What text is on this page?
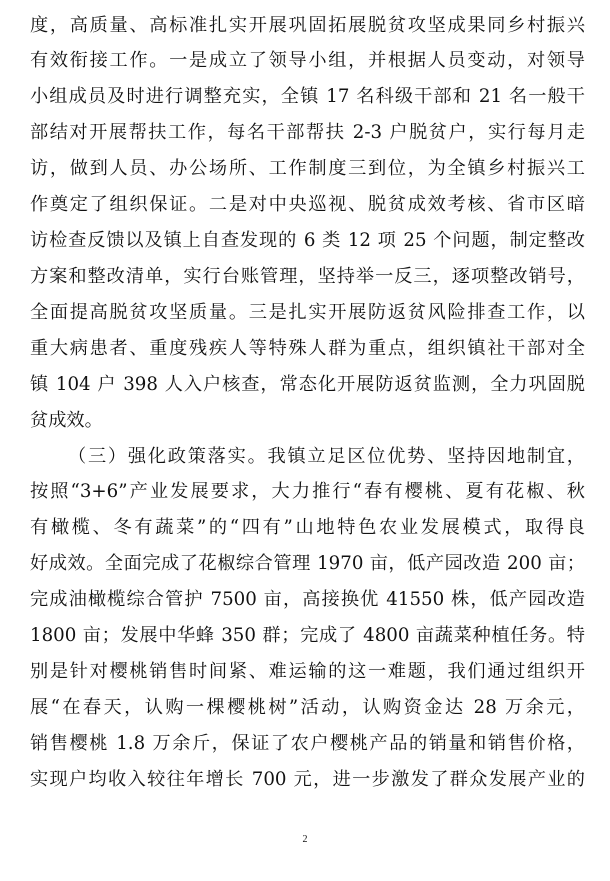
度，高质量、高标准扎实开展巩固拓展脱贫攻坚成果同乡村振兴
有效衔接工作。一是成立了领导小组，并根据人员变动，对领导
小组成员及时进行调整充实，全镇 17 名科级干部和 21 名一般干
部结对开展帮扶工作，每名干部帮扶 2-3 户脱贫户，实行每月走
访，做到人员、办公场所、工作制度三到位，为全镇乡村振兴工
作奠定了组织保证。二是对中央巡视、脱贫成效考核、省市区暗
访检查反馈以及镇上自查发现的 6 类 12 项 25 个问题，制定整改
方案和整改清单，实行台账管理，坚持举一反三，逐项整改销号，
全面提高脱贫攻坚质量。三是扎实开展防返贫风险排查工作，以
重大病患者、重度残疾人等特殊人群为重点，组织镇社干部对全
镇 104 户 398 人入户核查，常态化开展防返贫监测，全力巩固脱
贫成效。
（三）强化政策落实。我镇立足区位优势、坚持因地制宜，
按照“3+6”产业发展要求，大力推行“春有樱桃、夏有花椒、秋
有橄榄、冬有蔬菜”的“四有”山地特色农业发展模式，取得良
好成效。全面完成了花椒综合管理 1970 亩，低产园改造 200 亩；
完成油橄榄综合管护 7500 亩，高接换优 41550 株，低产园改造
1800 亩；发展中华蜂 350 群；完成了 4800 亩蔬菜种植任务。特
别是针对樱桃销售时间紧、难运输的这一难题，我们通过组织开
展“在春天，认购一棵樱桃树”活动，认购资金达 28 万余元，
销售樱桃 1.8 万余斤，保证了农户樱桃产品的销量和销售价格，
实现户均收入较往年增长 700 元，进一步激发了群众发展产业的
2
